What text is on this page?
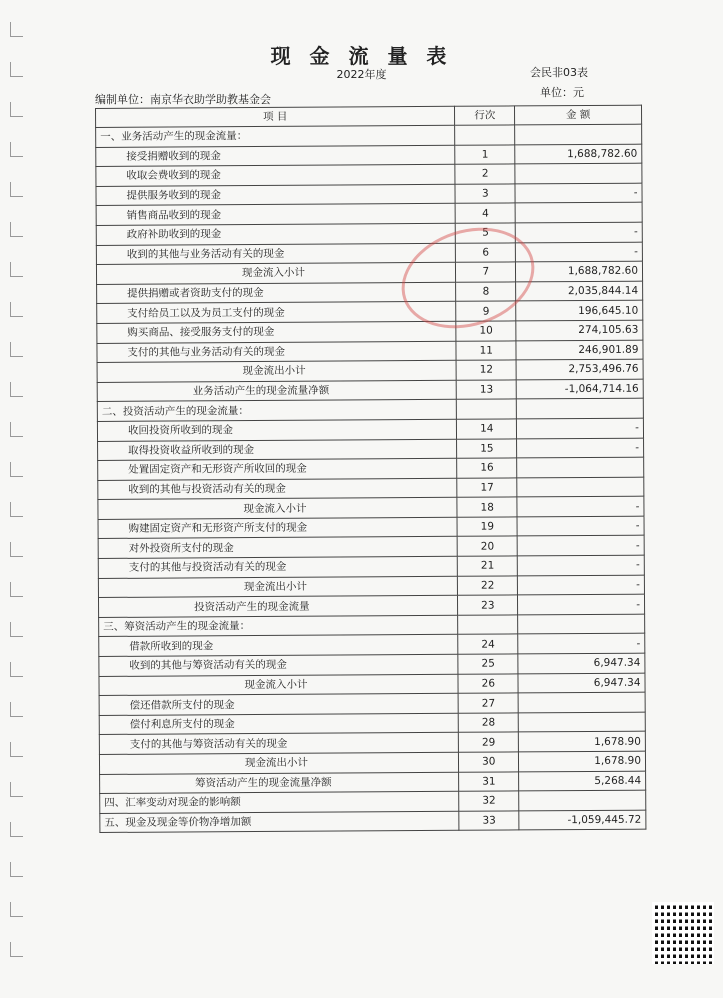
现 金 流 量 表
2022年度	会民非03表
单位：元
编制单位：南京华衣助学助教基金会
项 目	行次	金 额
一、业务活动产生的现金流量：		
接受捐赠收到的现金	1	1,688,782.60
收取会费收到的现金	2	
提供服务收到的现金	3	-
销售商品收到的现金	4	
政府补助收到的现金	5	-
收到的其他与业务活动有关的现金	6	-
现金流入小计	7	1,688,782.60
提供捐赠或者资助支付的现金	8	2,035,844.14
支付给员工以及为员工支付的现金	9	196,645.10
购买商品、接受服务支付的现金	10	274,105.63
支付的其他与业务活动有关的现金	11	246,901.89
现金流出小计	12	2,753,496.76
业务活动产生的现金流量净额	13	-1,064,714.16
二、投资活动产生的现金流量：		
收回投资所收到的现金	14	-
取得投资收益所收到的现金	15	-
处置固定资产和无形资产所收回的现金	16	
收到的其他与投资活动有关的现金	17	
现金流入小计	18	-
购建固定资产和无形资产所支付的现金	19	-
对外投资所支付的现金	20	-
支付的其他与投资活动有关的现金	21	-
现金流出小计	22	-
投资活动产生的现金流量	23	-
三、筹资活动产生的现金流量：		
借款所收到的现金	24	-
收到的其他与筹资活动有关的现金	25	6,947.34
现金流入小计	26	6,947.34
偿还借款所支付的现金	27	
偿付利息所支付的现金	28	
支付的其他与筹资活动有关的现金	29	1,678.90
现金流出小计	30	1,678.90
筹资活动产生的现金流量净额	31	5,268.44
四、汇率变动对现金的影响额	32	
五、现金及现金等价物净增加额	33	-1,059,445.72
